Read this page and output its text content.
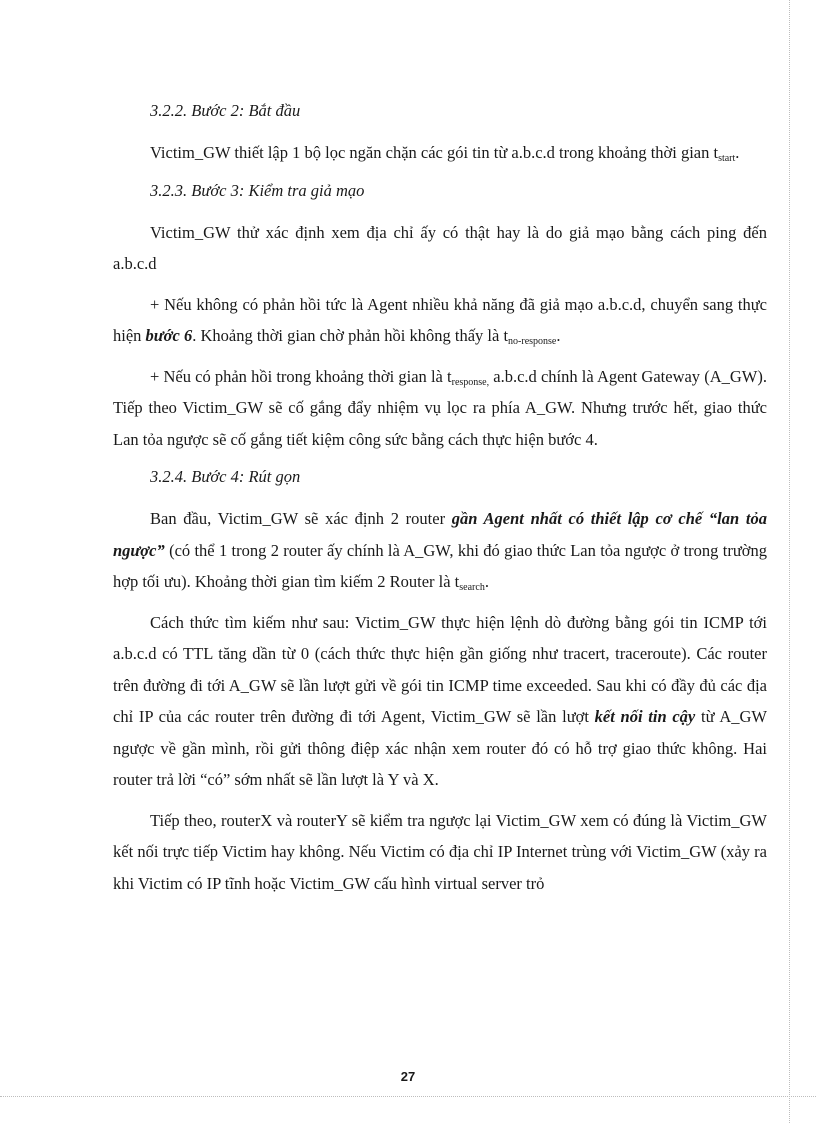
3.2.2. Bước 2: Bắt đầu

Victim_GW thiết lập 1 bộ lọc ngăn chặn các gói tin từ a.b.c.d trong khoảng thời gian $t_{start}$.

3.2.3. Bước 3: Kiểm tra giả mạo

Victim_GW thử xác định xem địa chỉ ấy có thật hay là do giả mạo bằng cách ping đến a.b.c.d

+ Nếu không có phản hồi tức là Agent nhiều khả năng đã giả mạo a.b.c.d, chuyển sang thực hiện bước 6. Khoảng thời gian chờ phản hồi không thấy là $t_{no-response}$.

+ Nếu có phản hồi trong khoảng thời gian là $t_{response,}$ a.b.c.d chính là Agent Gateway (A_GW). Tiếp theo Victim_GW sẽ cố gắng đẩy nhiệm vụ lọc ra phía A_GW. Nhưng trước hết, giao thức Lan tỏa ngược sẽ cố gắng tiết kiệm công sức bằng cách thực hiện bước 4.

3.2.4. Bước 4: Rút gọn

Ban đầu, Victim_GW sẽ xác định 2 router gần Agent nhất có thiết lập cơ chế “lan tỏa ngược” (có thể 1 trong 2 router ấy chính là A_GW, khi đó giao thức Lan tỏa ngược ở trong trường hợp tối ưu). Khoảng thời gian tìm kiếm 2 Router là $t_{search}$.

Cách thức tìm kiếm như sau: Victim_GW thực hiện lệnh dò đường bằng gói tin ICMP tới a.b.c.d có TTL tăng dần từ 0 (cách thức thực hiện gần giống như tracert, traceroute). Các router trên đường đi tới A_GW sẽ lần lượt gửi về gói tin ICMP time exceeded. Sau khi có đầy đủ các địa chỉ IP của các router trên đường đi tới Agent, Victim_GW sẽ lần lượt kết nối tin cậy từ A_GW ngược về gần mình, rồi gửi thông điệp xác nhận xem router đó có hỗ trợ giao thức không. Hai router trả lời “có” sớm nhất sẽ lần lượt là Y và X.

Tiếp theo, routerX và routerY sẽ kiểm tra ngược lại Victim_GW xem có đúng là Victim_GW kết nối trực tiếp Victim hay không. Nếu Victim có địa chỉ IP Internet trùng với Victim_GW (xảy ra khi Victim có IP tĩnh hoặc Victim_GW cấu hình virtual server trỏ

27
